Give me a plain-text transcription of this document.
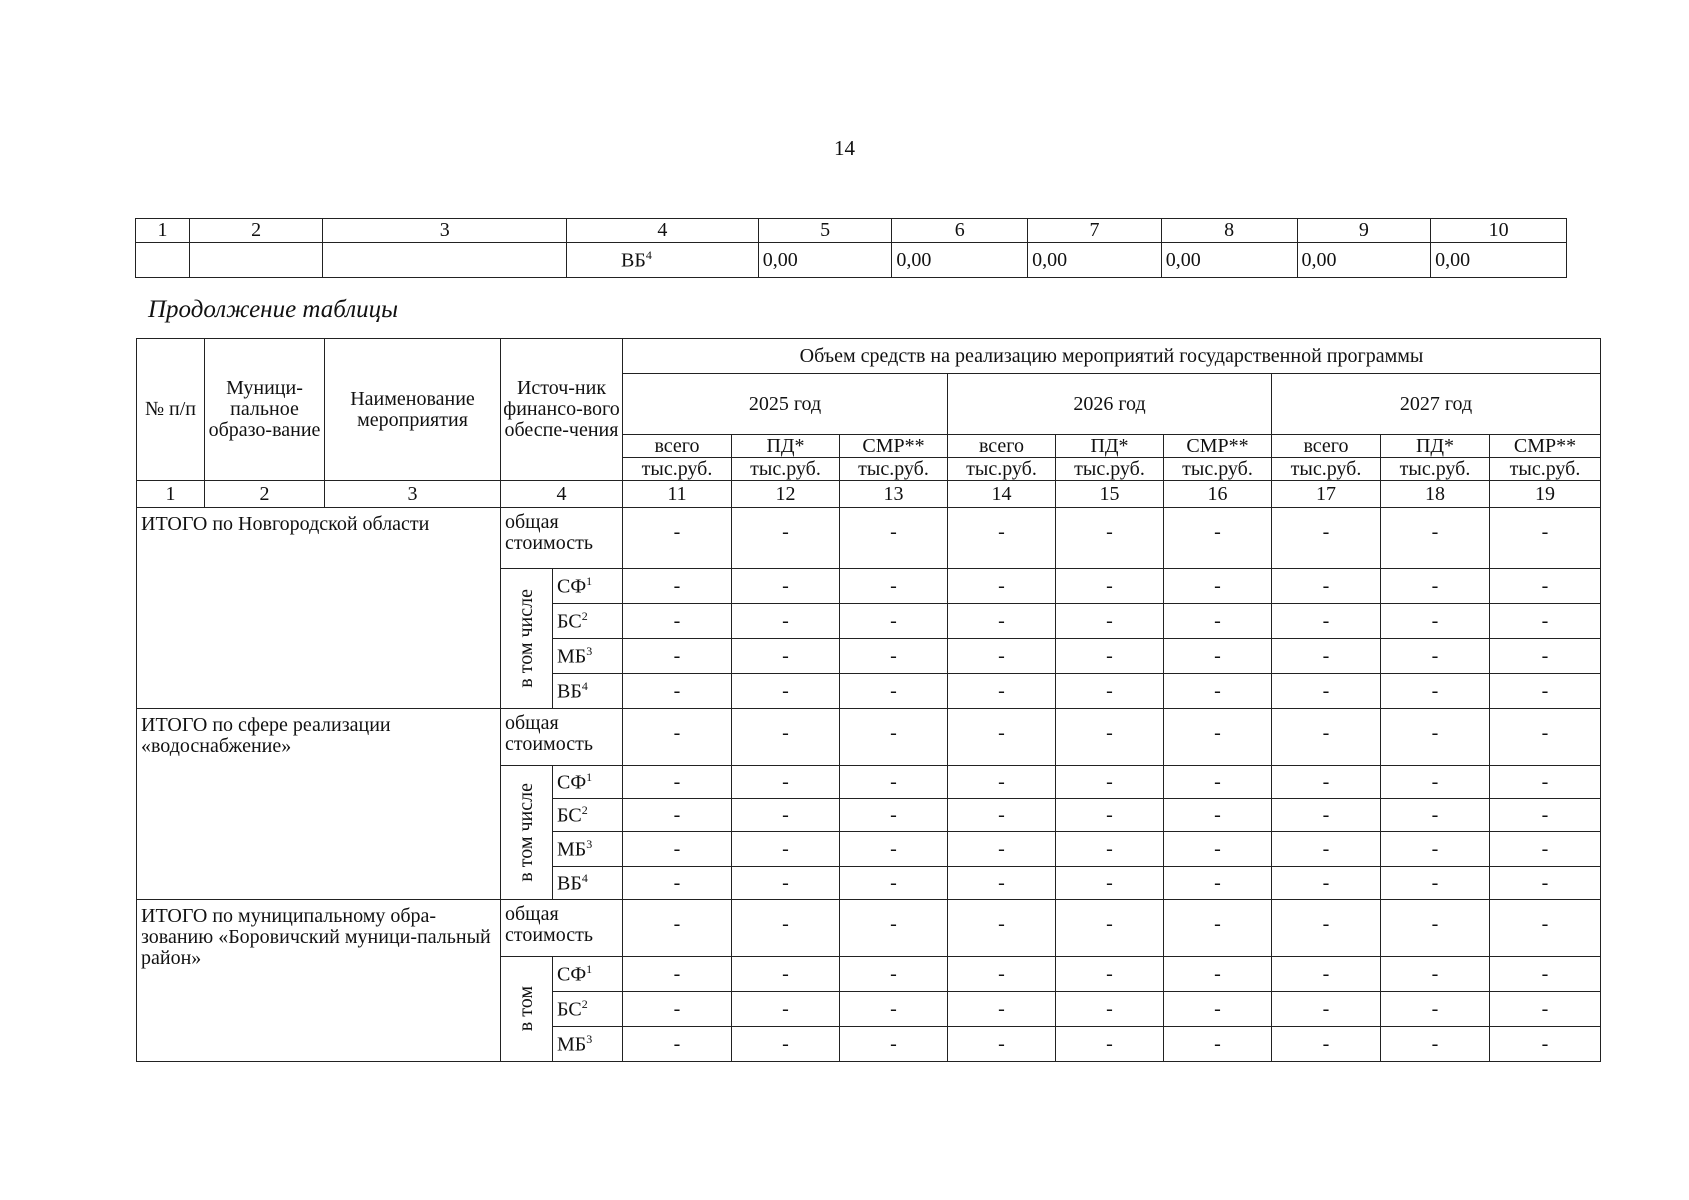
14
1	2	3	4	5	6	7	8	9	10
			$ВБ^4$	0,00	0,00	0,00	0,00	0,00	0,00
Продолжение таблицы
№ п/п	Муници-пальное образо-вание	Наименование мероприятия	Источ-ник финансо-вого обеспе-чения		Объем средств на реализацию мероприятий государственной программы								
					2025 год			2026 год			2027 год		
					всего	ПД*	СМР**	всего	ПД*	СМР**	всего	ПД*	СМР**
					тыс.руб.	тыс.руб.	тыс.руб.	тыс.руб.	тыс.руб.	тыс.руб.	тыс.руб.	тыс.руб.	тыс.руб.
1	2	3	4		11	12	13	14	15	16	17	18	19
ИТОГО по Новгородской области			общая стоимость		-	-	-	-	-	-	-	-	-

			в том числе	$СФ^1$	-	-	-	-	-	-	-	-	-
				$БС^2$	-	-	-	-	-	-	-	-	-
				$МБ^3$	-	-	-	-	-	-	-	-	-
				$ВБ^4$	-	-	-	-	-	-	-	-	-
ИТОГО по сфере реализации «водоснабжение»			общая стоимость		-	-	-	-	-	-	-	-	-

			в том числе	$СФ^1$	-	-	-	-	-	-	-	-	-
				$БС^2$	-	-	-	-	-	-	-	-	-
				$МБ^3$	-	-	-	-	-	-	-	-	-
				$ВБ^4$	-	-	-	-	-	-	-	-	-
ИТОГО по муниципальному обра-зованию «Боровичский муници-пальный район»			общая стоимость		-	-	-	-	-	-	-	-	-

			в том	$СФ^1$	-	-	-	-	-	-	-	-	-
				$БС^2$	-	-	-	-	-	-	-	-	-
				$МБ^3$	-	-	-	-	-	-	-	-	-
